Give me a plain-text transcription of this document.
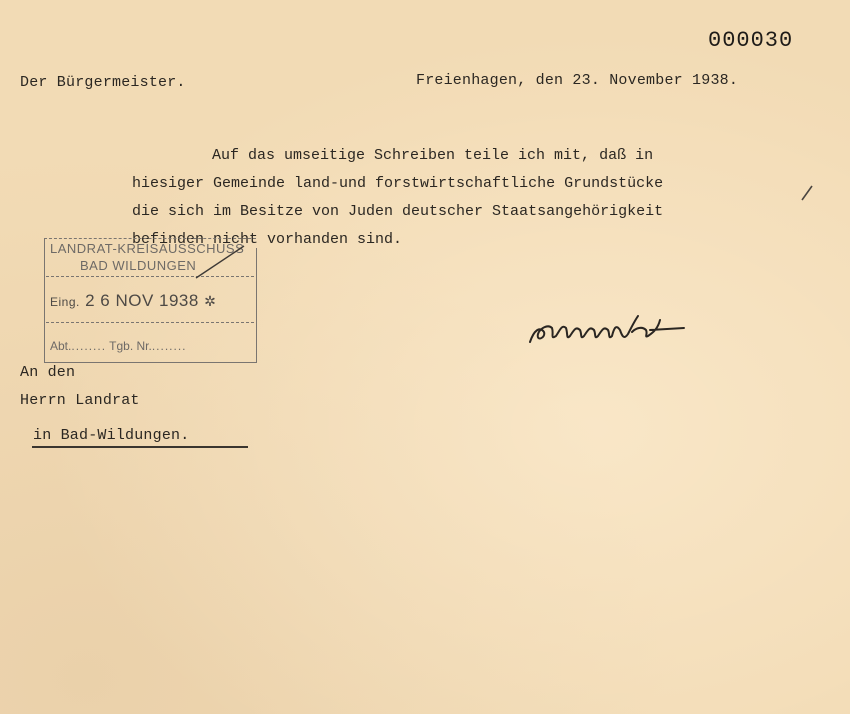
000030
Der Bürgermeister.	Freienhagen, den 23. November 1938.
Auf das umseitige Schreiben teile ich mit, daß in
hiesiger Gemeinde land-und forstwirtschaftliche Grundstücke
die sich im Besitze von Juden deutscher Staatsangehörigkeit
befinden nicht vorhanden sind.
LANDRAT-KREISAUSSCHUSS
BAD WILDUNGEN
Eing. 2 6 NOV 1938 ✲
Abt......... Tgb. Nr.........
An den
Herrn Landrat
in Bad-Wildungen.
